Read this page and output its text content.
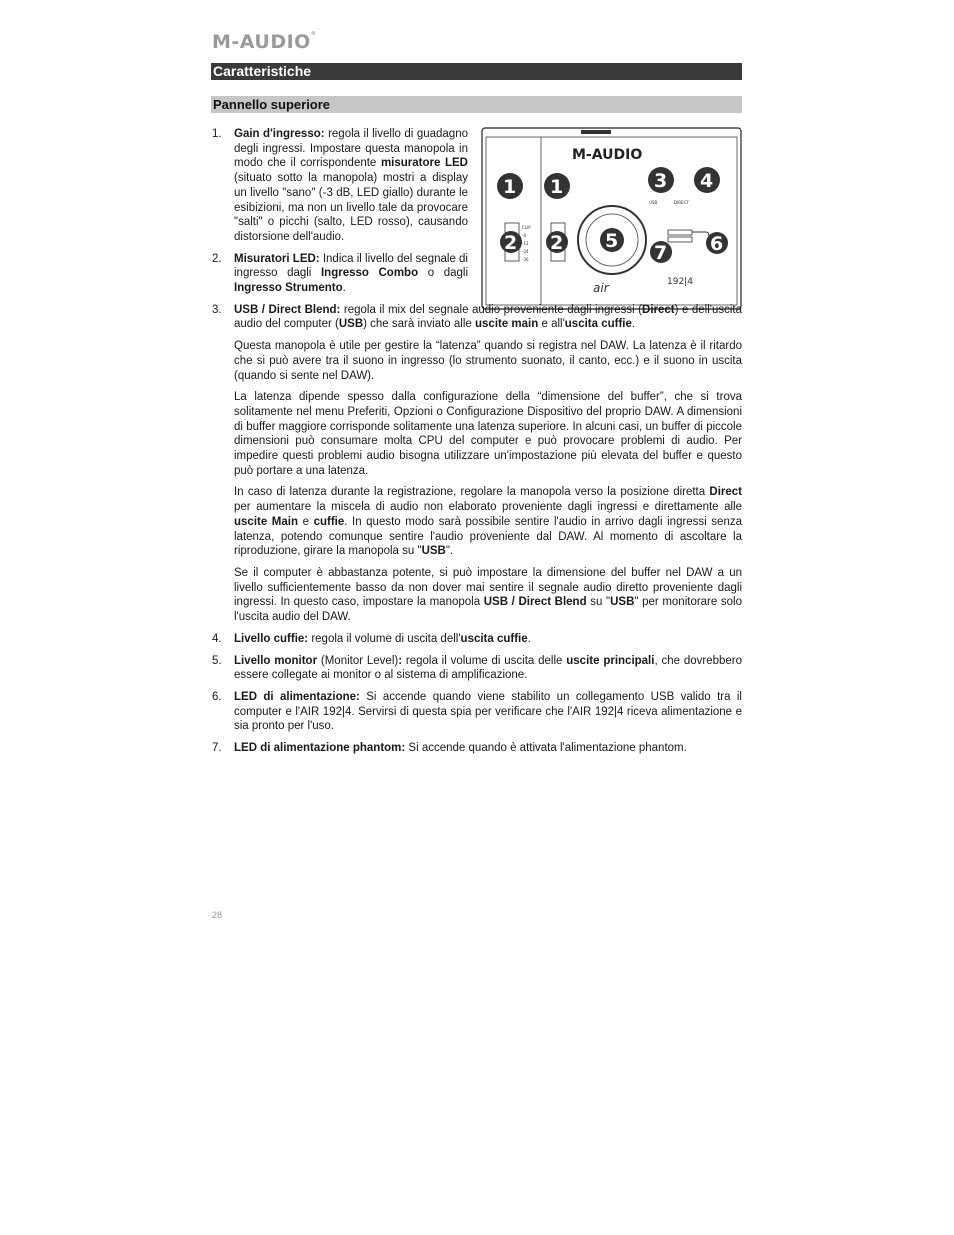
M-AUDIO®
Caratteristiche
Pannello superiore
M-AUDIO
1 1
CLIP
-6
-12
-24
-36
2 2
3
USB	DIRECT
4
5
7 6
192|4
air
1. Gain d'ingresso: regola il livello di guadagno degli ingressi. Impostare questa manopola in modo che il corrispondente misuratore LED (situato sotto la manopola) mostri a display un livello "sano" (-3 dB, LED giallo) durante le esibizioni, ma non un livello tale da provocare "salti" o picchi (salto, LED rosso), causando distorsione dell'audio.
2. Misuratori LED: Indica il livello del segnale di ingresso dagli Ingresso Combo o dagli Ingresso Strumento.
3. USB / Direct Blend: regola il mix del segnale audio proveniente dagli ingressi (Direct) e dell'uscita audio del computer (USB) che sarà inviato alle uscite main e all'uscita cuffie.

Questa manopola è utile per gestire la “latenza” quando si registra nel DAW. La latenza è il ritardo che si può avere tra il suono in ingresso (lo strumento suonato, il canto, ecc.) e il suono in uscita (quando si sente nel DAW).

La latenza dipende spesso dalla configurazione della “dimensione del buffer”, che si trova solitamente nel menu Preferiti, Opzioni o Configurazione Dispositivo del proprio DAW. A dimensioni di buffer maggiore corrisponde solitamente una latenza superiore. In alcuni casi, un buffer di piccole dimensioni può consumare molta CPU del computer e può provocare problemi di audio. Per impedire questi problemi audio bisogna utilizzare un'impostazione più elevata del buffer e questo può portare a una latenza.

In caso di latenza durante la registrazione, regolare la manopola verso la posizione diretta Direct per aumentare la miscela di audio non elaborato proveniente dagli ingressi e direttamente alle uscite Main e cuffie. In questo modo sarà possibile sentire l'audio in arrivo dagli ingressi senza latenza, potendo comunque sentire l'audio proveniente dal DAW. Al momento di ascoltare la riproduzione, girare la manopola su "USB".

Se il computer è abbastanza potente, si può impostare la dimensione del buffer nel DAW a un livello sufficientemente basso da non dover mai sentire il segnale audio diretto proveniente dagli ingressi. In questo caso, impostare la manopola USB / Direct Blend su "USB" per monitorare solo l'uscita audio del DAW.

4. Livello cuffie: regola il volume di uscita dell'uscita cuffie.
5. Livello monitor (Monitor Level): regola il volume di uscita delle uscite principali, che dovrebbero essere collegate ai monitor o al sistema di amplificazione.
6. LED di alimentazione: Si accende quando viene stabilito un collegamento USB valido tra il computer e l'AIR 192|4. Servirsi di questa spia per verificare che l'AIR 192|4 riceva alimentazione e sia pronto per l'uso.
7. LED di alimentazione phantom: Si accende quando è attivata l'alimentazione phantom.
28
